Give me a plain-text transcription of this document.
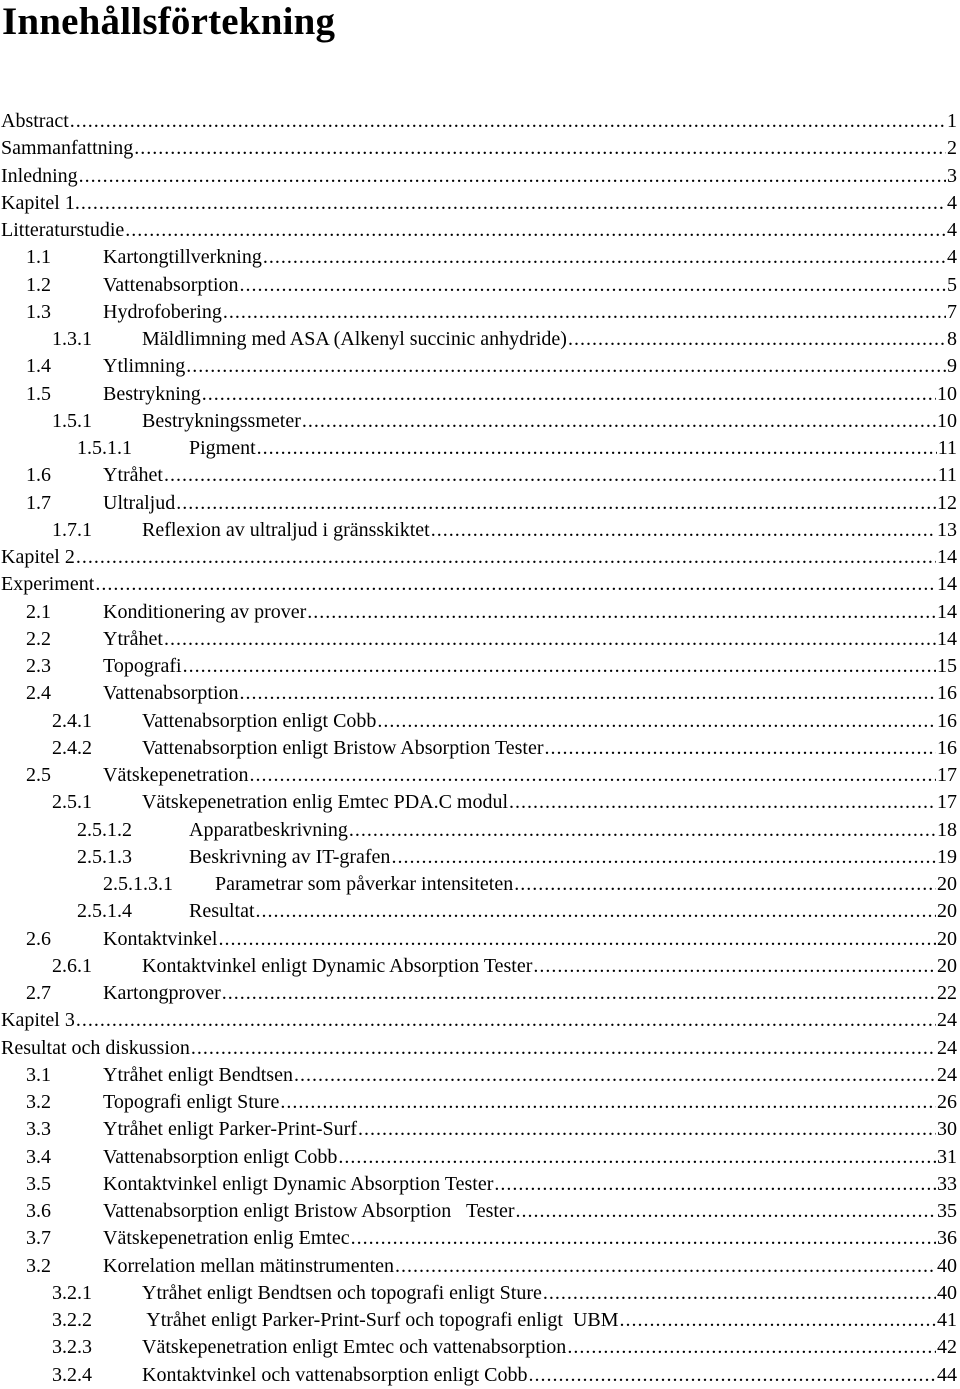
Innehållsförtekning
Abstract .....	1
Sammanfattning .....	2
Inledning .....	3
Kapitel 1. .....	4
Litteraturstudie .....	4
1.1	Kartongtillverkning .....	4
1.2	Vattenabsorption .....	5
1.3	Hydrofobering .....	7
1.3.1	Mäldlimning med ASA (Alkenyl succinic anhydride) .....	8
1.4	Ytlimning .....	9
1.5	Bestrykning .....	10
1.5.1	Bestrykningssmeter .....	10
1.5.1.1	Pigment .....	11
1.6	Ytråhet .....	11
1.7	Ultraljud .....	12
1.7.1	Reflexion av ultraljud i gränsskiktet .....	13
Kapitel 2 .....	14
Experiment .....	14
2.1	Konditionering av prover .....	14
2.2	Ytråhet .....	14
2.3	Topografi .....	15
2.4	Vattenabsorption .....	16
2.4.1	Vattenabsorption enligt Cobb .....	16
2.4.2	Vattenabsorption enligt Bristow Absorption Tester .....	16
2.5	Vätskepenetration .....	17
2.5.1	Vätskepenetration enlig Emtec PDA.C modul .....	17
2.5.1.2	Apparatbeskrivning .....	18
2.5.1.3	Beskrivning av IT-grafen .....	19
2.5.1.3.1 Parametrar som påverkar intensiteten .....	20
2.5.1.4	Resultat .....	20
2.6	Kontaktvinkel .....	20
2.6.1	Kontaktvinkel enligt Dynamic Absorption Tester .....	20
2.7	Kartongprover .....	22
Kapitel 3 .....	24
Resultat och diskussion .....	24
3.1	Ytråhet enligt Bendtsen .....	24
3.2	Topografi enligt Sture .....	26
3.3	Ytråhet enligt Parker-Print-Surf .....	30
3.4	Vattenabsorption enligt Cobb .....	31
3.5	Kontaktvinkel enligt Dynamic Absorption Tester .....	33
3.6	Vattenabsorption enligt Bristow Absorption   Tester .....	35
3.7	Vätskepenetration enlig Emtec .....	36
3.2	Korrelation mellan mätinstrumenten .....	40
3.2.1	Ytråhet enligt Bendtsen och topografi enligt Sture .....	40
3.2.2	Ytråhet enligt Parker-Print-Surf och topografi enligt  UBM .....	41
3.2.3	Vätskepenetration enligt Emtec och vattenabsorption .....	42
3.2.4	Kontaktvinkel och vattenabsorption enligt Cobb .....	44
